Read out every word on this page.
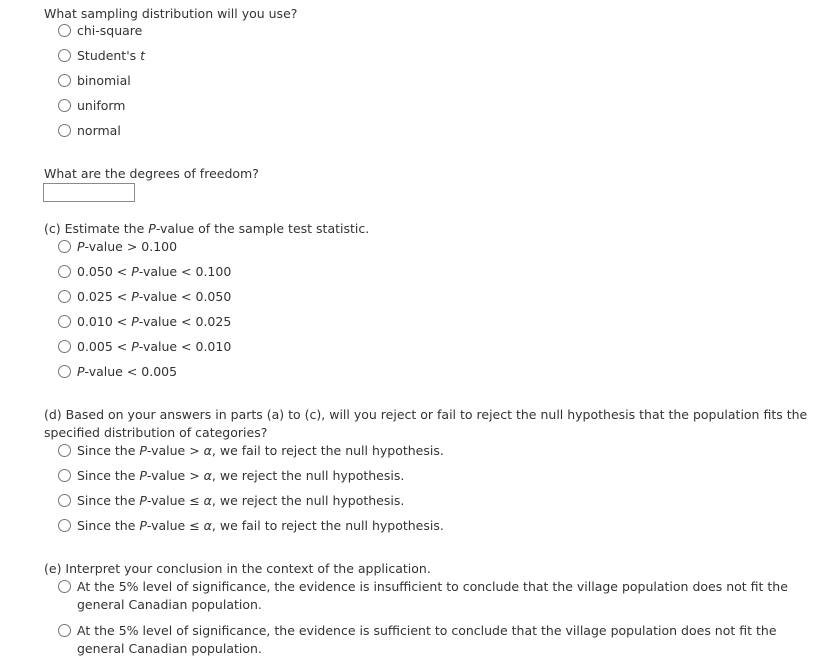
What sampling distribution will you use?
chi-square
Student's t
binomial
uniform
normal
What are the degrees of freedom?
(c) Estimate the P-value of the sample test statistic.
P-value > 0.100
0.050 < P-value < 0.100
0.025 < P-value < 0.050
0.010 < P-value < 0.025
0.005 < P-value < 0.010
P-value < 0.005
(d) Based on your answers in parts (a) to (c), will you reject or fail to reject the null hypothesis that the population fits the specified distribution of categories?
Since the P-value > α, we fail to reject the null hypothesis.
Since the P-value > α, we reject the null hypothesis.
Since the P-value ≤ α, we reject the null hypothesis.
Since the P-value ≤ α, we fail to reject the null hypothesis.
(e) Interpret your conclusion in the context of the application.
At the 5% level of significance, the evidence is insufficient to conclude that the village population does not fit the general Canadian population.
At the 5% level of significance, the evidence is sufficient to conclude that the village population does not fit the general Canadian population.
